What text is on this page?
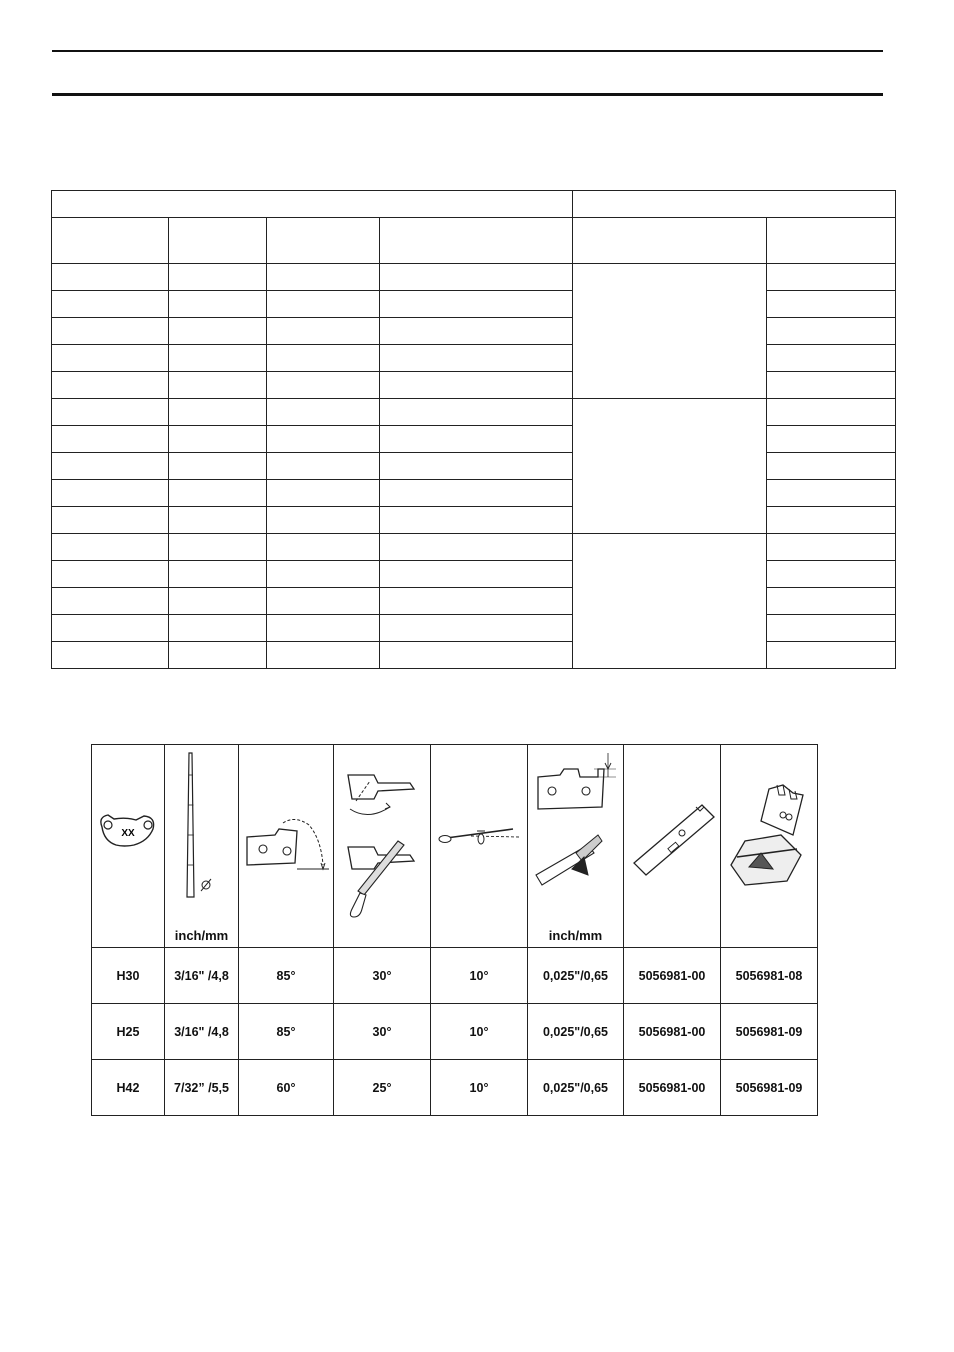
XX	inch/mm				inch/mm

H30	3/16" /4,8	85°	30°	10°	0,025"/0,65	5056981-00	5056981-08
H25	3/16" /4,8	85°	30°	10°	0,025"/0,65	5056981-00	5056981-09
H42	7/32” /5,5	60°	25°	10°	0,025"/0,65	5056981-00	5056981-09
